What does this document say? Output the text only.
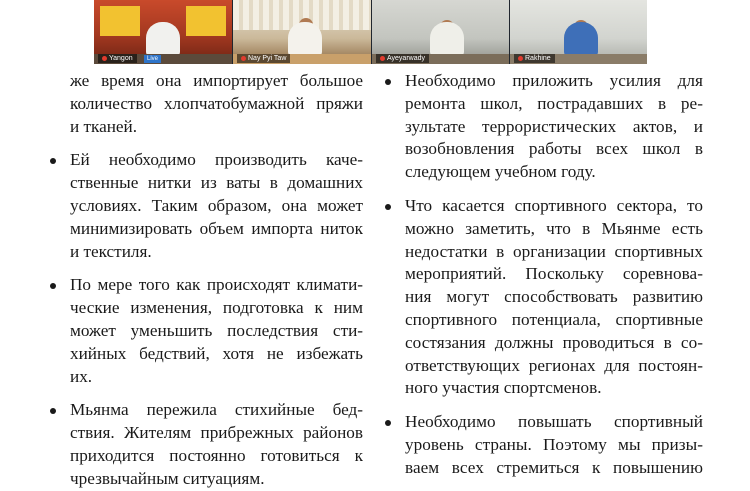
Yangon	Live	Nay Pyi Taw	Ayeyarwady	Rakhine

же время она импортирует большое
количество хлопчатобумажной пряжи
и тканей.

Ей необходимо производить каче-
ственные нитки из ваты в домашних
условиях. Таким образом, она может
минимизировать объем импорта ниток
и текстиля.

По мере того как происходят климати-
ческие изменения, подготовка к ним
может уменьшить последствия сти-
хийных бедствий, хотя не избежать
их.

Мьянма пережила стихийные бед-
ствия. Жителям прибрежных районов
приходится постоянно готовиться к
чрезвычайным ситуациям.

Необходимо приложить усилия для
ремонта школ, пострадавших в ре-
зультате террористических актов, и
возобновления работы всех школ в
следующем учебном году.

Что касается спортивного сектора, то
можно заметить, что в Мьянме есть
недостатки в организации спортивных
мероприятий. Поскольку соревнова-
ния могут способствовать развитию
спортивного потенциала, спортивные
состязания должны проводиться в со-
ответствующих регионах для постоян-
ного участия спортсменов.

Необходимо повышать спортивный
уровень страны. Поэтому мы призы-
ваем всех стремиться к повышению
